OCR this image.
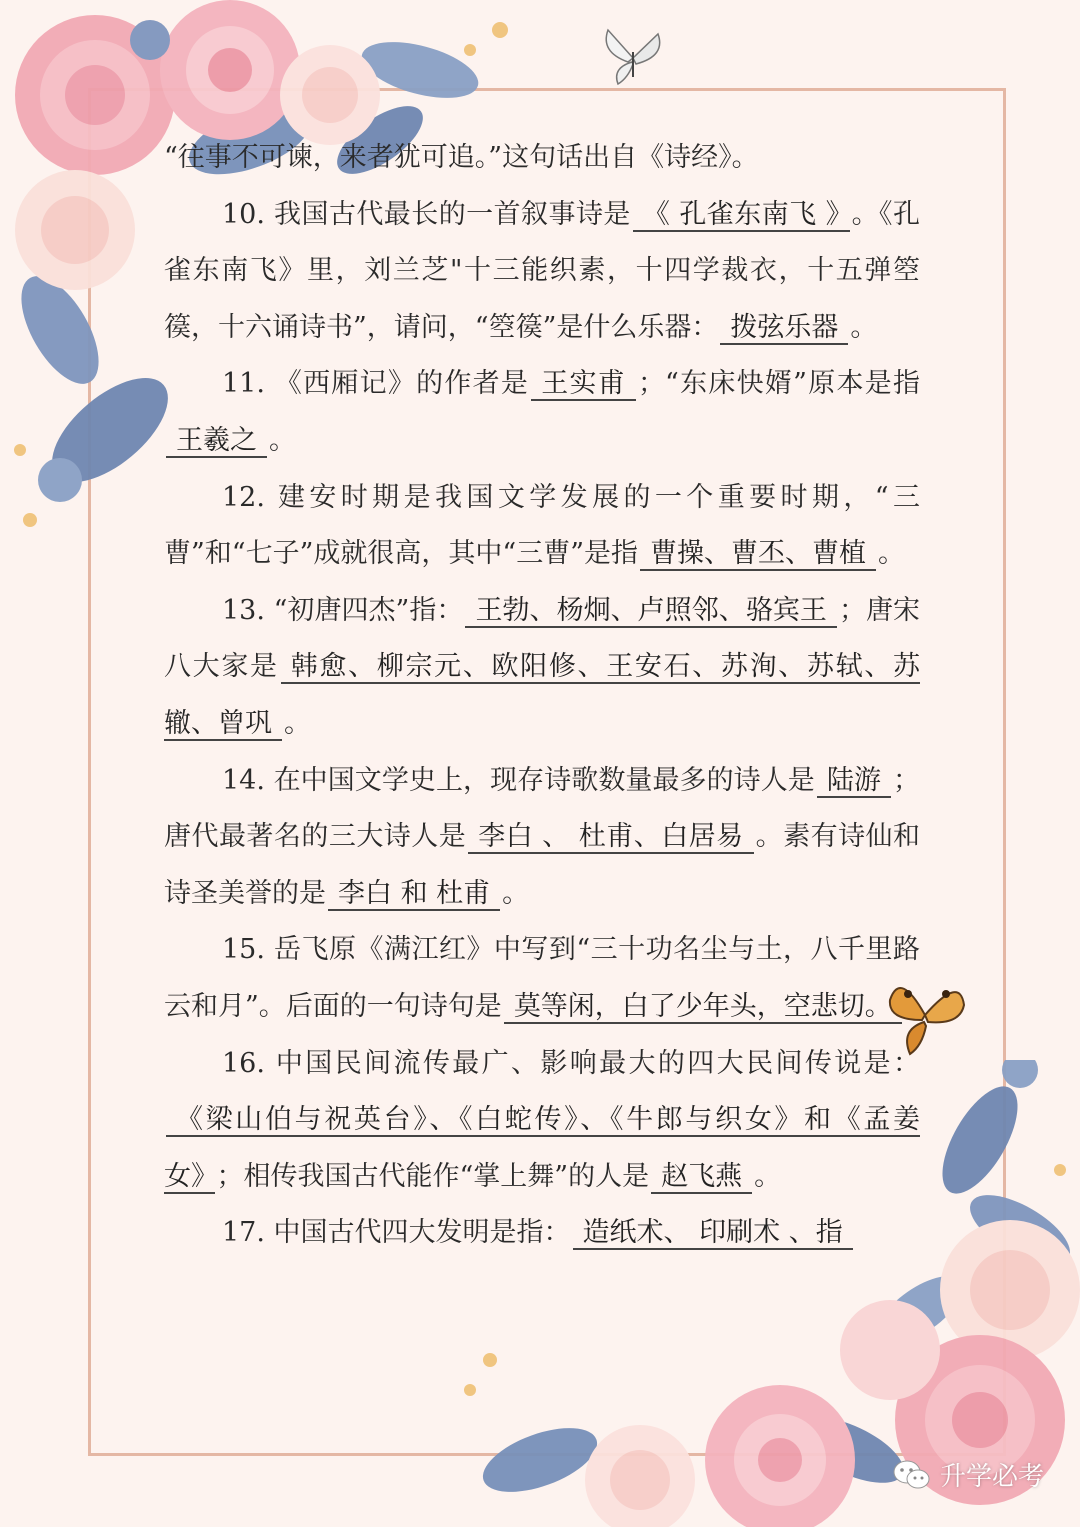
“往事不可谏，来者犹可追。”这句话出自《诗经》。

10. 我国古代最长的一首叙事诗是 《 孔雀东南飞 》 。《孔雀东南飞》里，刘兰芝"十三能织素，十四学裁衣，十五弹箜篌，十六诵诗书”，请问，“箜篌”是什么乐器： 拨弦乐器 。

11. 《西厢记》的作者是 王实甫 ；“东床快婿”原本是指王羲之 。

12. 建安时期是我国文学发展的一个重要时期，“三曹”和“七子”成就很高，其中“三曹”是指 曹操、曹丕、曹植 。

13. “初唐四杰”指： 王勃、杨炯、卢照邻、骆宾王 ；唐宋八大家是 韩愈、柳宗元、欧阳修、王安石、苏洵、苏轼、苏辙、曾巩 。

14. 在中国文学史上，现存诗歌数量最多的诗人是 陆游 ；唐代最著名的三大诗人是 李白 、 杜甫、白居易 。素有诗仙和诗圣美誉的是 李白 和 杜甫 。

15. 岳飞原《满江红》中写到“三十功名尘与土，八千里路云和月”。后面的一句诗句是 莫等闲，白了少年头，空悲切。

16. 中国民间流传最广、影响最大的四大民间传说是：《梁山伯与祝英台》、《白蛇传》、《牛郎与织女》和《孟姜女》 ；相传我国古代能作“掌上舞”的人是 赵飞燕 。

17. 中国古代四大发明是指： 造纸术、 印刷术 、指

升学必考
